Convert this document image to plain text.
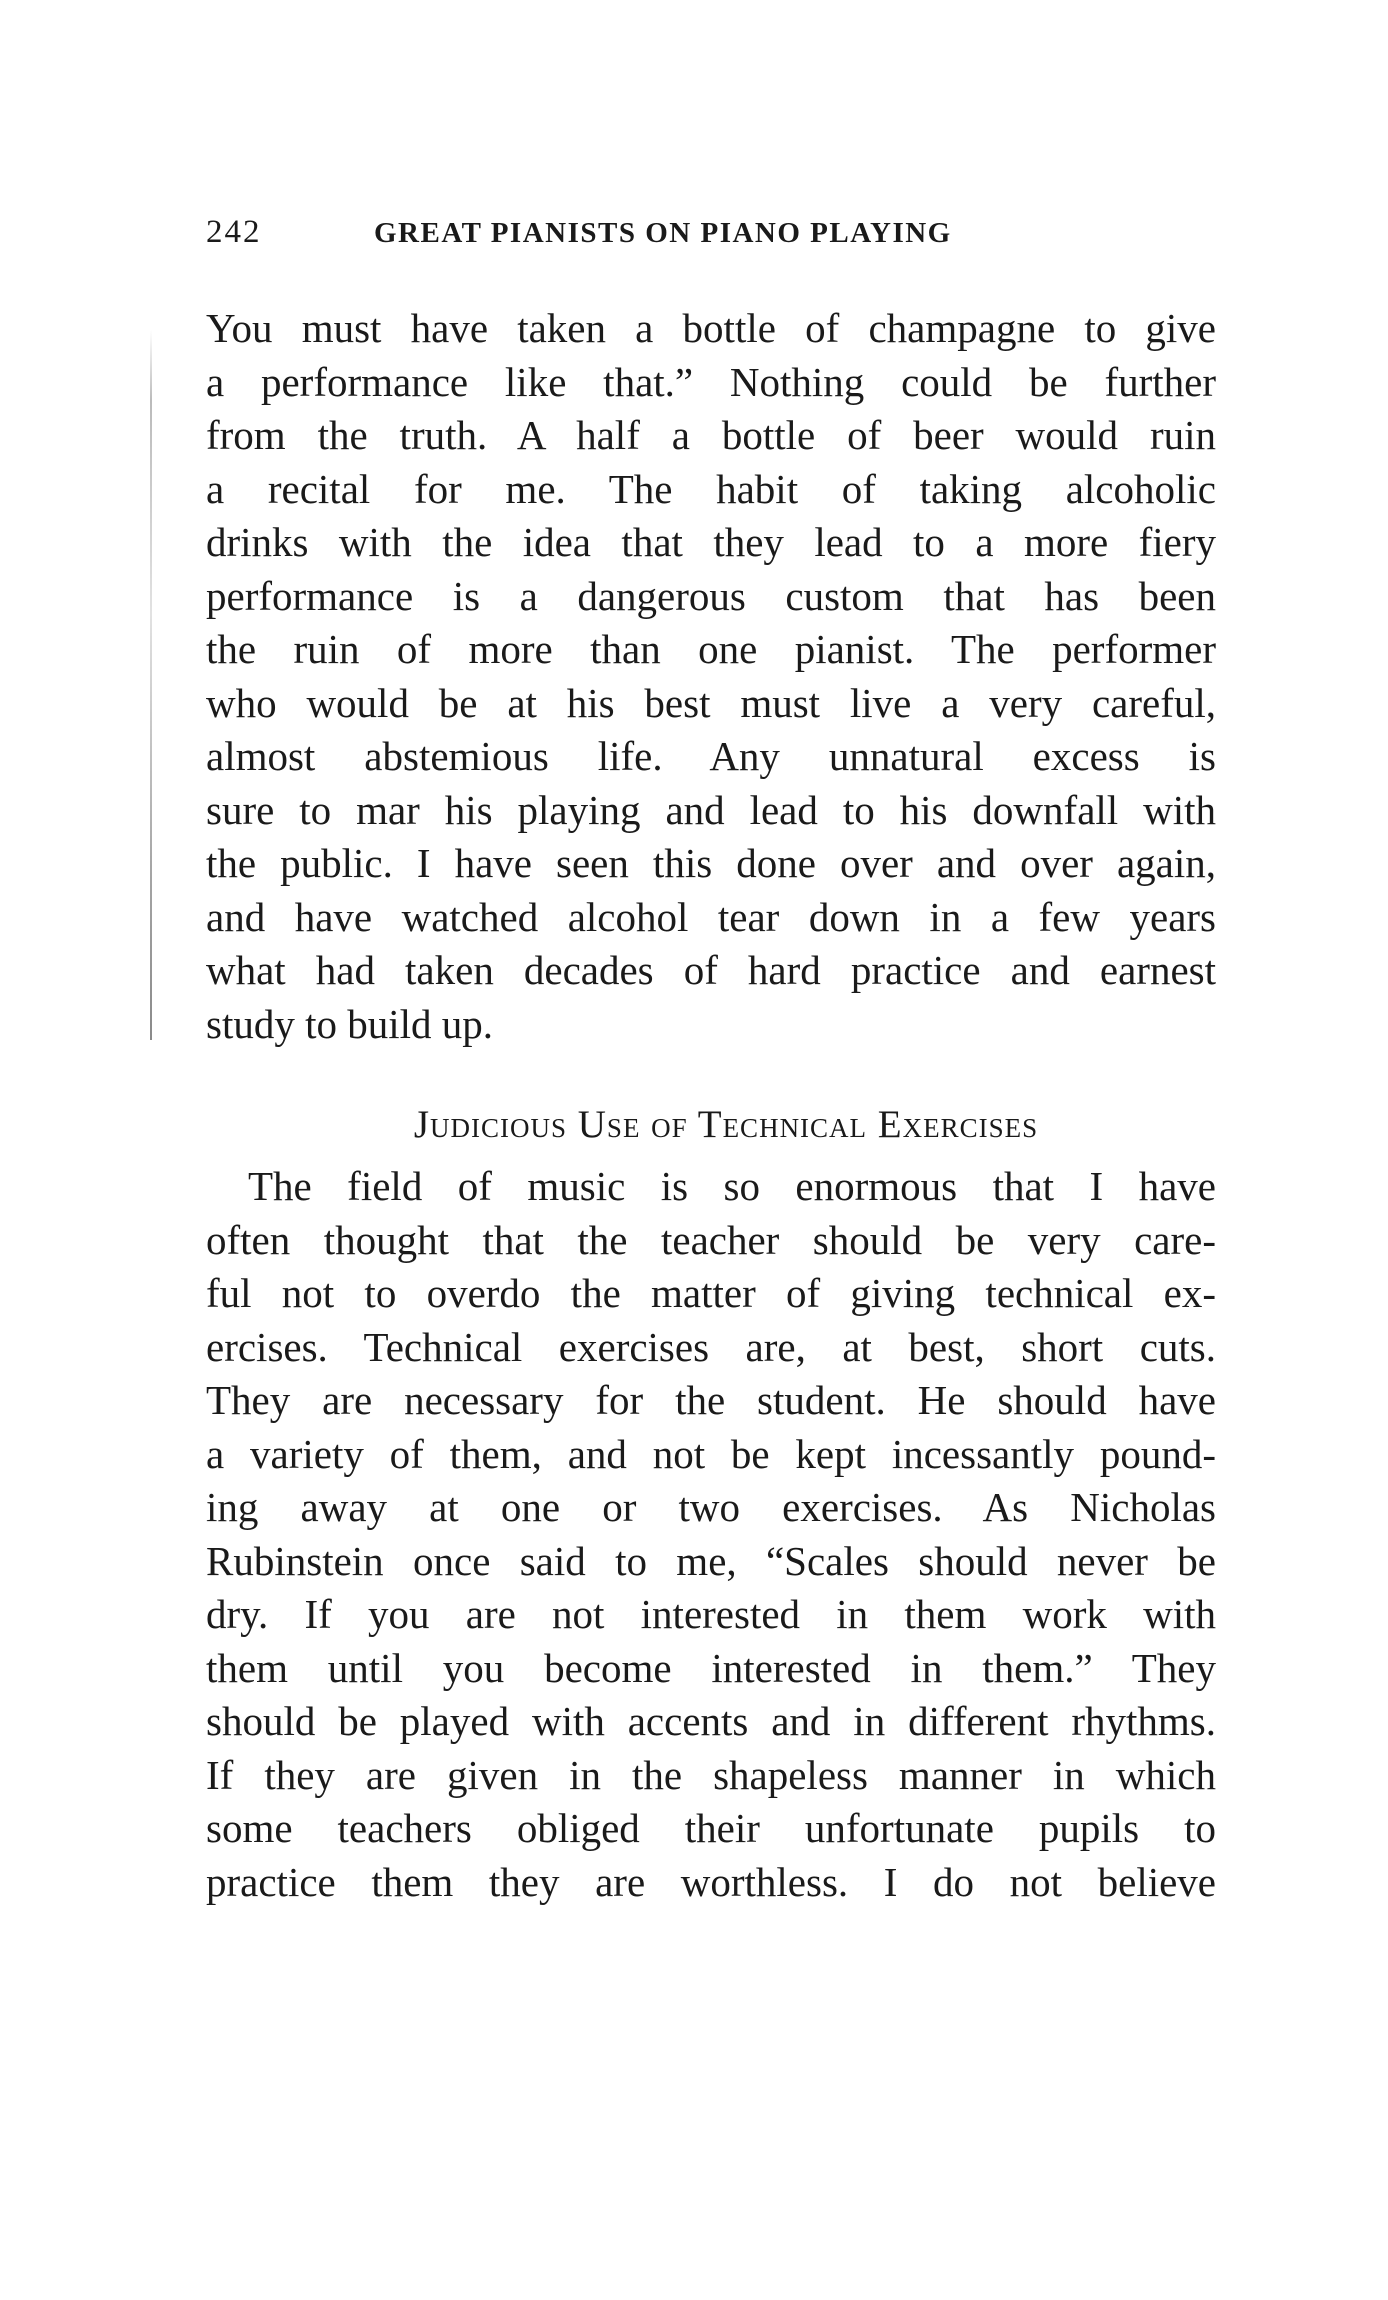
242	GREAT PIANISTS ON PIANO PLAYING
You must have taken a bottle of champagne to give
a performance like that.” Nothing could be further
from the truth. A half a bottle of beer would ruin
a recital for me. The habit of taking alcoholic
drinks with the idea that they lead to a more fiery
performance is a dangerous custom that has been
the ruin of more than one pianist. The performer
who would be at his best must live a very careful,
almost abstemious life. Any unnatural excess is
sure to mar his playing and lead to his downfall with
the public. I have seen this done over and over again,
and have watched alcohol tear down in a few years
what had taken decades of hard practice and earnest
study to build up.
Judicious Use of Technical Exercises
The field of music is so enormous that I have
often thought that the teacher should be very care-
ful not to overdo the matter of giving technical ex-
ercises. Technical exercises are, at best, short cuts.
They are necessary for the student. He should have
a variety of them, and not be kept incessantly pound-
ing away at one or two exercises. As Nicholas
Rubinstein once said to me, “Scales should never be
dry. If you are not interested in them work with
them until you become interested in them.” They
should be played with accents and in different rhythms.
If they are given in the shapeless manner in which
some teachers obliged their unfortunate pupils to
practice them they are worthless. I do not believe
